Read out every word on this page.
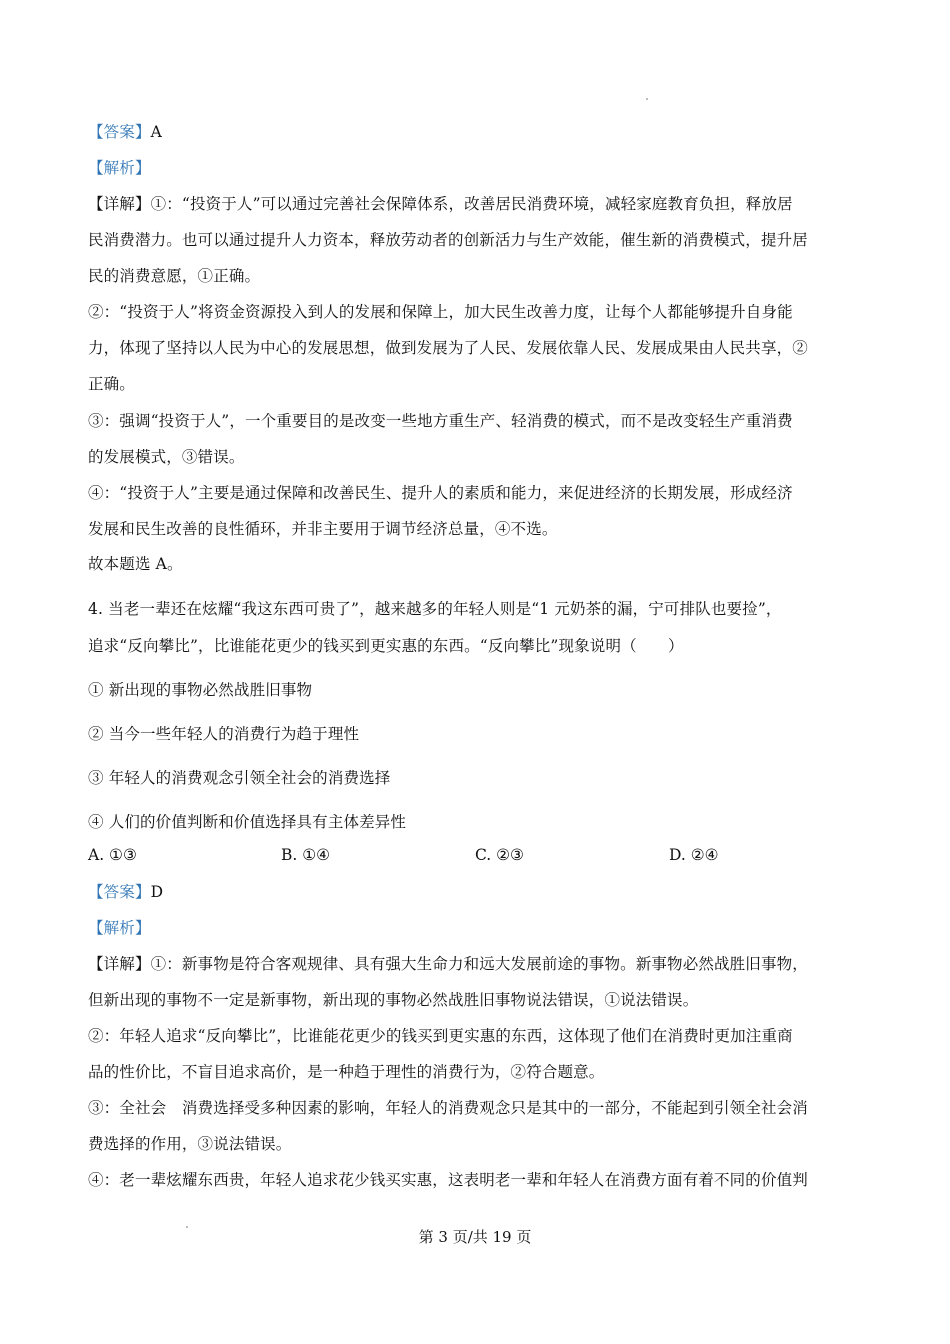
【答案】A
【解析】
【详解】①：“投资于人”可以通过完善社会保障体系，改善居民消费环境，减轻家庭教育负担，释放居
民消费潜力。也可以通过提升人力资本，释放劳动者的创新活力与生产效能，催生新的消费模式，提升居
民的消费意愿，①正确。
②：“投资于人”将资金资源投入到人的发展和保障上，加大民生改善力度，让每个人都能够提升自身能
力，体现了坚持以人民为中心的发展思想，做到发展为了人民、发展依靠人民、发展成果由人民共享，②
正确。
③：强调“投资于人”，一个重要目的是改变一些地方重生产、轻消费的模式，而不是改变轻生产重消费
的发展模式，③错误。
④：“投资于人”主要是通过保障和改善民生、提升人的素质和能力，来促进经济的长期发展，形成经济
发展和民生改善的良性循环，并非主要用于调节经济总量，④不选。
故本题选 A。
4. 当老一辈还在炫耀“我这东西可贵了”，越来越多的年轻人则是“1 元奶茶的漏，宁可排队也要捡”，
追求“反向攀比”，比谁能花更少的钱买到更实惠的东西。“反向攀比”现象说明（　　）
① 新出现的事物必然战胜旧事物
② 当今一些年轻人的消费行为趋于理性
③ 年轻人的消费观念引领全社会的消费选择
④ 人们的价值判断和价值选择具有主体差异性
A. ①③	B. ①④	C. ②③	D. ②④
【答案】D
【解析】
【详解】①：新事物是符合客观规律、具有强大生命力和远大发展前途的事物。新事物必然战胜旧事物，
但新出现的事物不一定是新事物，新出现的事物必然战胜旧事物说法错误，①说法错误。
②：年轻人追求“反向攀比”，比谁能花更少的钱买到更实惠的东西，这体现了他们在消费时更加注重商
品的性价比，不盲目追求高价，是一种趋于理性的消费行为，②符合题意。
③：全社会　消费选择受多种因素的影响，年轻人的消费观念只是其中的一部分，不能起到引领全社会消
费选择的作用，③说法错误。
④：老一辈炫耀东西贵，年轻人追求花少钱买实惠，这表明老一辈和年轻人在消费方面有着不同的价值判
第 3 页/共 19 页
